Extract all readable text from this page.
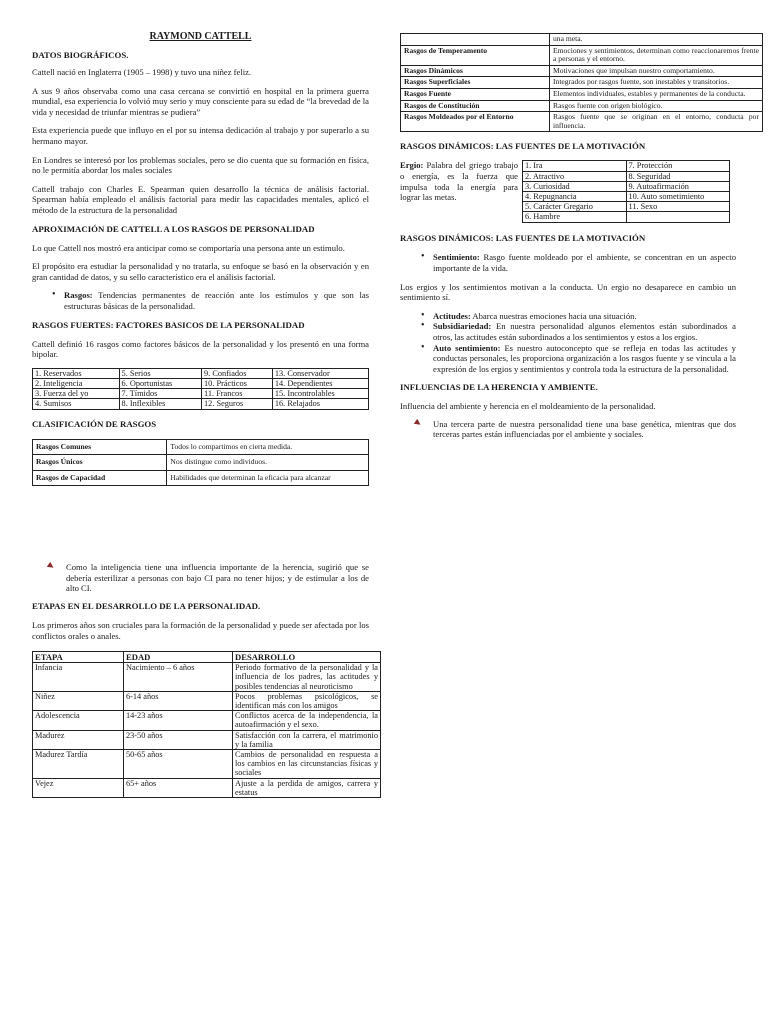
RAYMOND CATTELL
DATOS BIOGRÁFICOS.

Cattell nació en Inglaterra (1905 – 1998) y tuvo una niñez feliz.

A sus 9 años observaba como una casa cercana se convirtió en hospital en la primera guerra mundial, esa experiencia lo volvió muy serio y muy consciente para su edad de “la brevedad de la vida y necesidad de triunfar mientras se pudiera”

Esta experiencia puede que influyo en el por su intensa dedicación al trabajo y por superarlo a su hermano mayor.

En Londres se interesó por los problemas sociales, pero se dio cuenta que su formación en física, no le permitía abordar los males sociales

Cattell trabajo con Charles E. Spearman quien desarrollo la técnica de análisis factorial. Spearman había empleado el análisis factorial para medir las capacidades mentales, aplicó el método de la estructura de la personalidad

APROXIMACIÓN DE CATTELL A LOS RASGOS DE PERSONALIDAD

Lo que Cattell nos mostró era anticipar como se comportaría una persona ante un estimulo.

El propósito era estudiar la personalidad y no tratarla, su enfoque se basó en la observación y en gran cantidad de datos, y su sello característico era el análisis factorial.

• Rasgos: Tendencias permanentes de reacción ante los estímulos y que son las estructuras básicas de la personalidad.
RASGOS FUERTES: FACTORES BASICOS DE LA PERSONALIDAD

Cattell definió 16 rasgos como factores básicos de la personalidad y los presentó en una forma bipolar.

1. Reservados	5. Serios	9. Confiados	13. Conservador
2. Inteligencia	6. Oportunistas	10. Prácticos	14. Dependientes
3. Fuerza del yo	7. Tímidos	11. Francos	15. Incontrolables
4. Sumisos	8. Inflexibles	12. Seguros	16. Relajados
CLASIFICACIÓN DE RASGOS
Rasgos Comunes	Todos lo compartimos en cierta medida.
Rasgos Únicos	Nos distingue como individuos.
Rasgos de Capacidad	Habilidades que determinan la eficacia para alcanzar
Como la inteligencia tiene una influencia importante de la herencia, sugirió que se debería esterilizar a personas con bajo CI para no tener hijos; y de estimular a los de alto CI.
ETAPAS EN EL DESARROLLO DE LA PERSONALIDAD.

Los primeros años son cruciales para la formación de la personalidad y puede ser afectada por los conflictos orales o anales.

ETAPA	EDAD	DESARROLLO
Infancia	Nacimiento – 6 años	Periodo formativo de la personalidad y la influencia de los padres, las actitudes y posibles tendencias al neuroticismo
Niñez	6-14 años	Pocos problemas psicológicos, se identifican más con los amigos
Adolescencia	14-23 años	Conflictos acerca de la independencia, la autoafirmación y el sexo.
Madurez	23-50 años	Satisfacción con la carrera, el matrimonio y la familia
Madurez Tardía	50-65 años	Cambios de personalidad en respuesta a los cambios en las circunstancias físicas y sociales
Vejez	65+ años	Ajuste a la perdida de amigos, carrera y estatus
	una meta.
Rasgos de Temperamento	Emociones y sentimientos, determinan como reaccionaremos frente a personas y el entorno.
Rasgos Dinámicos	Motivaciones que impulsan nuestro comportamiento.
Rasgos Superficiales	Integrados por rasgos fuente, son inestables y transitorios.
Rasgos Fuente	Elementos individuales, estables y permanentes de la conducta.
Rasgos de Constitución	Rasgos fuente con origen biológico.
Rasgos Moldeados por el Entorno	Rasgos fuente que se originan en el entorno, conducta por influencia.
RASGOS DINÁMICOS: LAS FUENTES DE LA MOTIVACIÓN

Ergio: Palabra del griego trabajo o energía, es la fuerza que impulsa toda la energía para lograr las metas.

1. Ira	7. Protección
2. Atractivo	8. Seguridad
3. Curiosidad	9. Autoafirmación
4. Repugnancia	10. Auto sometimiento
5. Carácter Gregario	11. Sexo
6. Hambre	
RASGOS DINÁMICOS: LAS FUENTES DE LA MOTIVACIÓN
• Sentimiento: Rasgo fuente moldeado por el ambiente, se concentran en un aspecto importante de la vida.

Los ergios y los sentimientos motivan a la conducta. Un ergio no desaparece en cambio un sentimiento sí.

• Actitudes: Abarca nuestras emociones hacia una situación.
• Subsidiariedad: En nuestra personalidad algunos elementos están subordinados a otros, las actitudes están subordinados a los sentimientos y estos a los ergios.
• Auto sentimiento: Es nuestro autoconcepto que se refleja en todas las actitudes y conductas personales, les proporciona organización a los rasgos fuente y se vincula a la expresión de los ergios y sentimientos y controla toda la estructura de la personalidad.
INFLUENCIAS DE LA HERENCIA Y AMBIENTE.

Influencia del ambiente y herencia en el moldeamiento de la personalidad.

Una tercera parte de nuestra personalidad tiene una base genética, mientras que dos terceras partes están influenciadas por el ambiente y sociales.
